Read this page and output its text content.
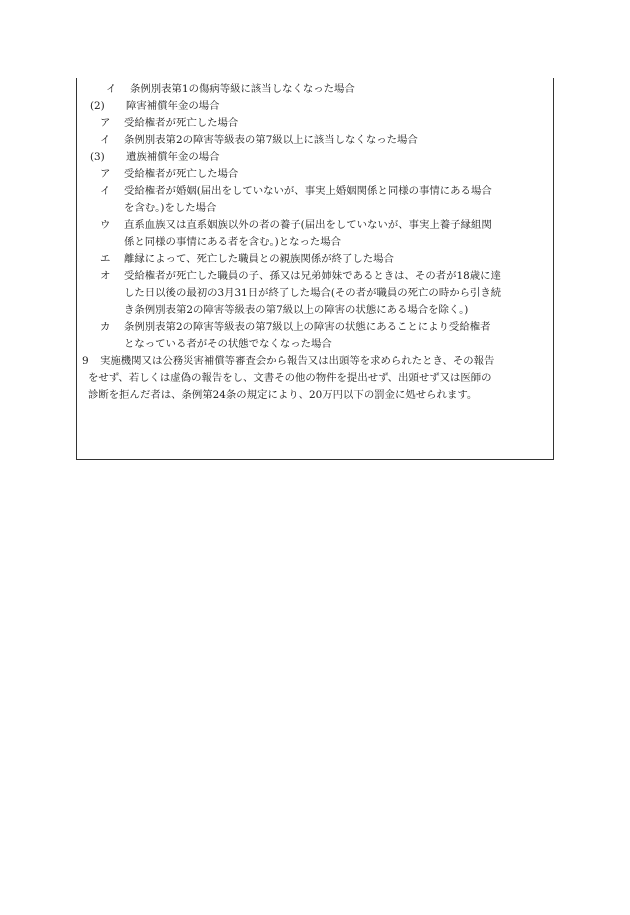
イ	条例別表第1の傷病等級に該当しなくなった場合
(2)	障害補償年金の場合
ア	受給権者が死亡した場合
イ	条例別表第2の障害等級表の第7級以上に該当しなくなった場合
(3)	遺族補償年金の場合
ア	受給権者が死亡した場合
イ	受給権者が婚姻(届出をしていないが、事実上婚姻関係と同様の事情にある場合
を含む。)をした場合
ウ	直系血族又は直系姻族以外の者の養子(届出をしていないが、事実上養子縁組関
係と同様の事情にある者を含む。)となった場合
エ	離縁によって、死亡した職員との親族関係が終了した場合
オ	受給権者が死亡した職員の子、孫又は兄弟姉妹であるときは、その者が18歳に達
した日以後の最初の3月31日が終了した場合(その者が職員の死亡の時から引き続
き条例別表第2の障害等級表の第7級以上の障害の状態にある場合を除く。)
カ	条例別表第2の障害等級表の第7級以上の障害の状態にあることにより受給権者
となっている者がその状態でなくなった場合
9	実施機関又は公務災害補償等審査会から報告又は出頭等を求められたとき、その報告
をせず、若しくは虚偽の報告をし、文書その他の物件を提出せず、出頭せず又は医師の
診断を拒んだ者は、条例第24条の規定により、20万円以下の罰金に処せられます。
